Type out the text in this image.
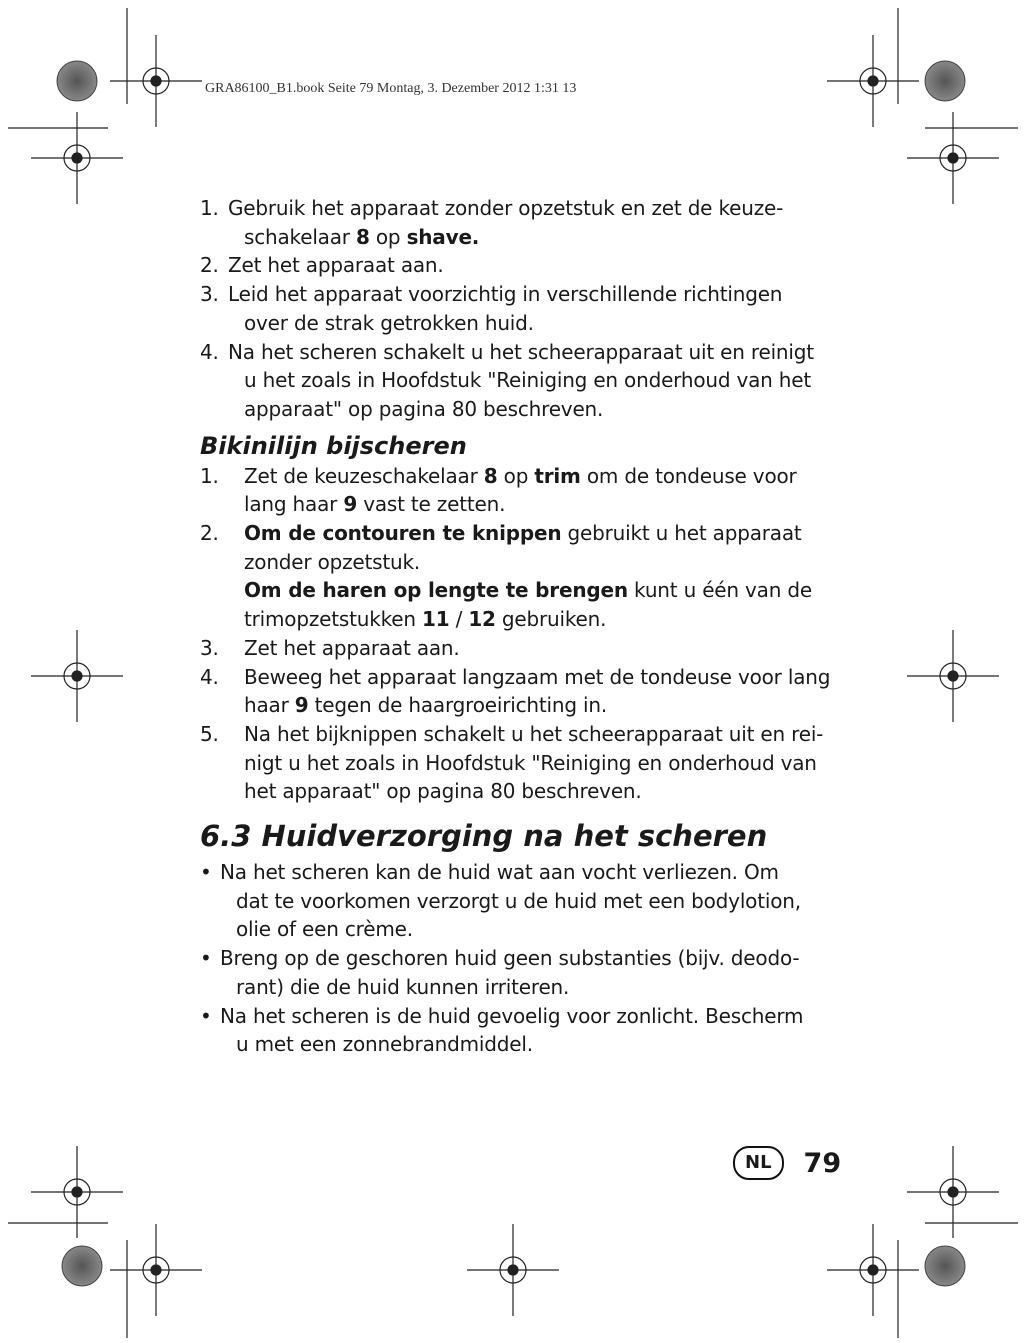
GRA86100_B1.book Seite 79 Montag, 3. Dezember 2012 1:31 13
1. Gebruik het apparaat zonder opzetstuk en zet de keuze-
schakelaar 8 op shave.
2. Zet het apparaat aan.
3. Leid het apparaat voorzichtig in verschillende richtingen
over de strak getrokken huid.
4. Na het scheren schakelt u het scheerapparaat uit en reinigt
u het zoals in Hoofdstuk "Reiniging en onderhoud van het
apparaat" op pagina 80 beschreven.
Bikinilijn bijscheren
1. Zet de keuzeschakelaar 8 op trim om de tondeuse voor
lang haar 9 vast te zetten.
2. Om de contouren te knippen gebruikt u het apparaat
zonder opzetstuk.
Om de haren op lengte te brengen kunt u één van de
trimopzetstukken 11 / 12 gebruiken.
3. Zet het apparaat aan.
4. Beweeg het apparaat langzaam met de tondeuse voor lang
haar 9 tegen de haargroeirichting in.
5. Na het bijknippen schakelt u het scheerapparaat uit en rei-
nigt u het zoals in Hoofdstuk "Reiniging en onderhoud van
het apparaat" op pagina 80 beschreven.
6.3 Huidverzorging na het scheren
• Na het scheren kan de huid wat aan vocht verliezen. Om
dat te voorkomen verzorgt u de huid met een bodylotion,
olie of een crème.
• Breng op de geschoren huid geen substanties (bijv. deodo-
rant) die de huid kunnen irriteren.
• Na het scheren is de huid gevoelig voor zonlicht. Bescherm
u met een zonnebrandmiddel.
NL	79
